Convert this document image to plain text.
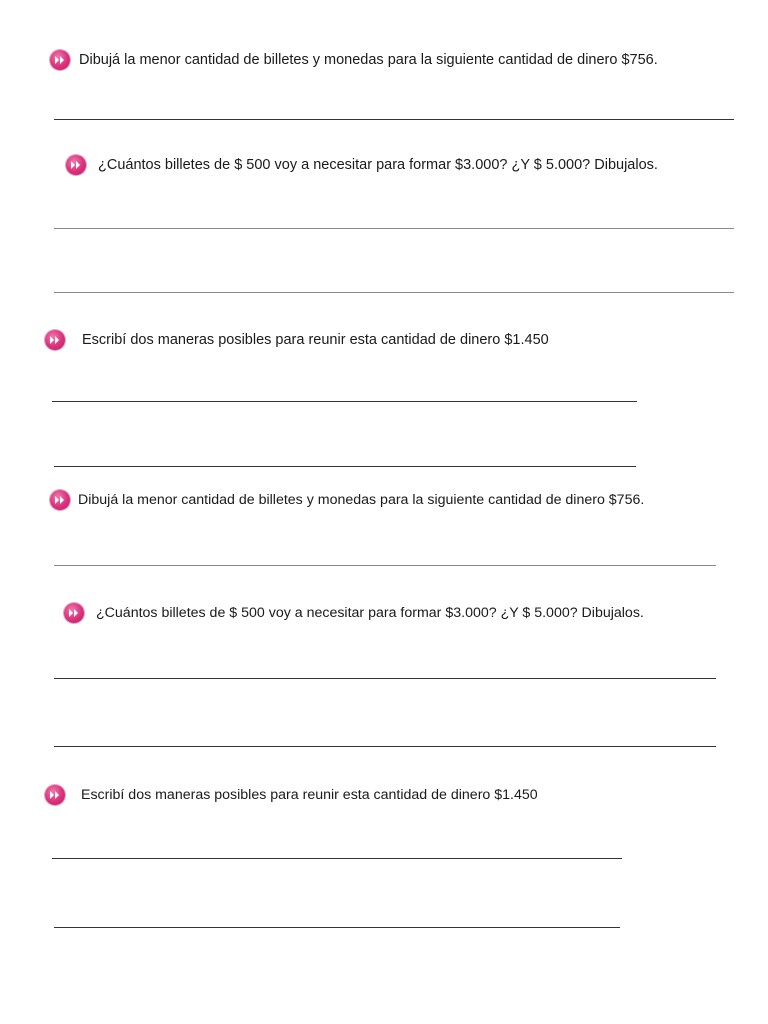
Dibujá la menor cantidad de billetes y monedas para la siguiente cantidad de dinero $756.
¿Cuántos billetes de $ 500 voy a necesitar para formar $3.000? ¿Y $ 5.000? Dibujalos.
Escribí dos maneras posibles para reunir esta cantidad de dinero $1.450
Dibujá la menor cantidad de billetes y monedas para la siguiente cantidad de dinero $756.
¿Cuántos billetes de $ 500 voy a necesitar para formar $3.000? ¿Y $ 5.000? Dibujalos.
Escribí dos maneras posibles para reunir esta cantidad de dinero $1.450
